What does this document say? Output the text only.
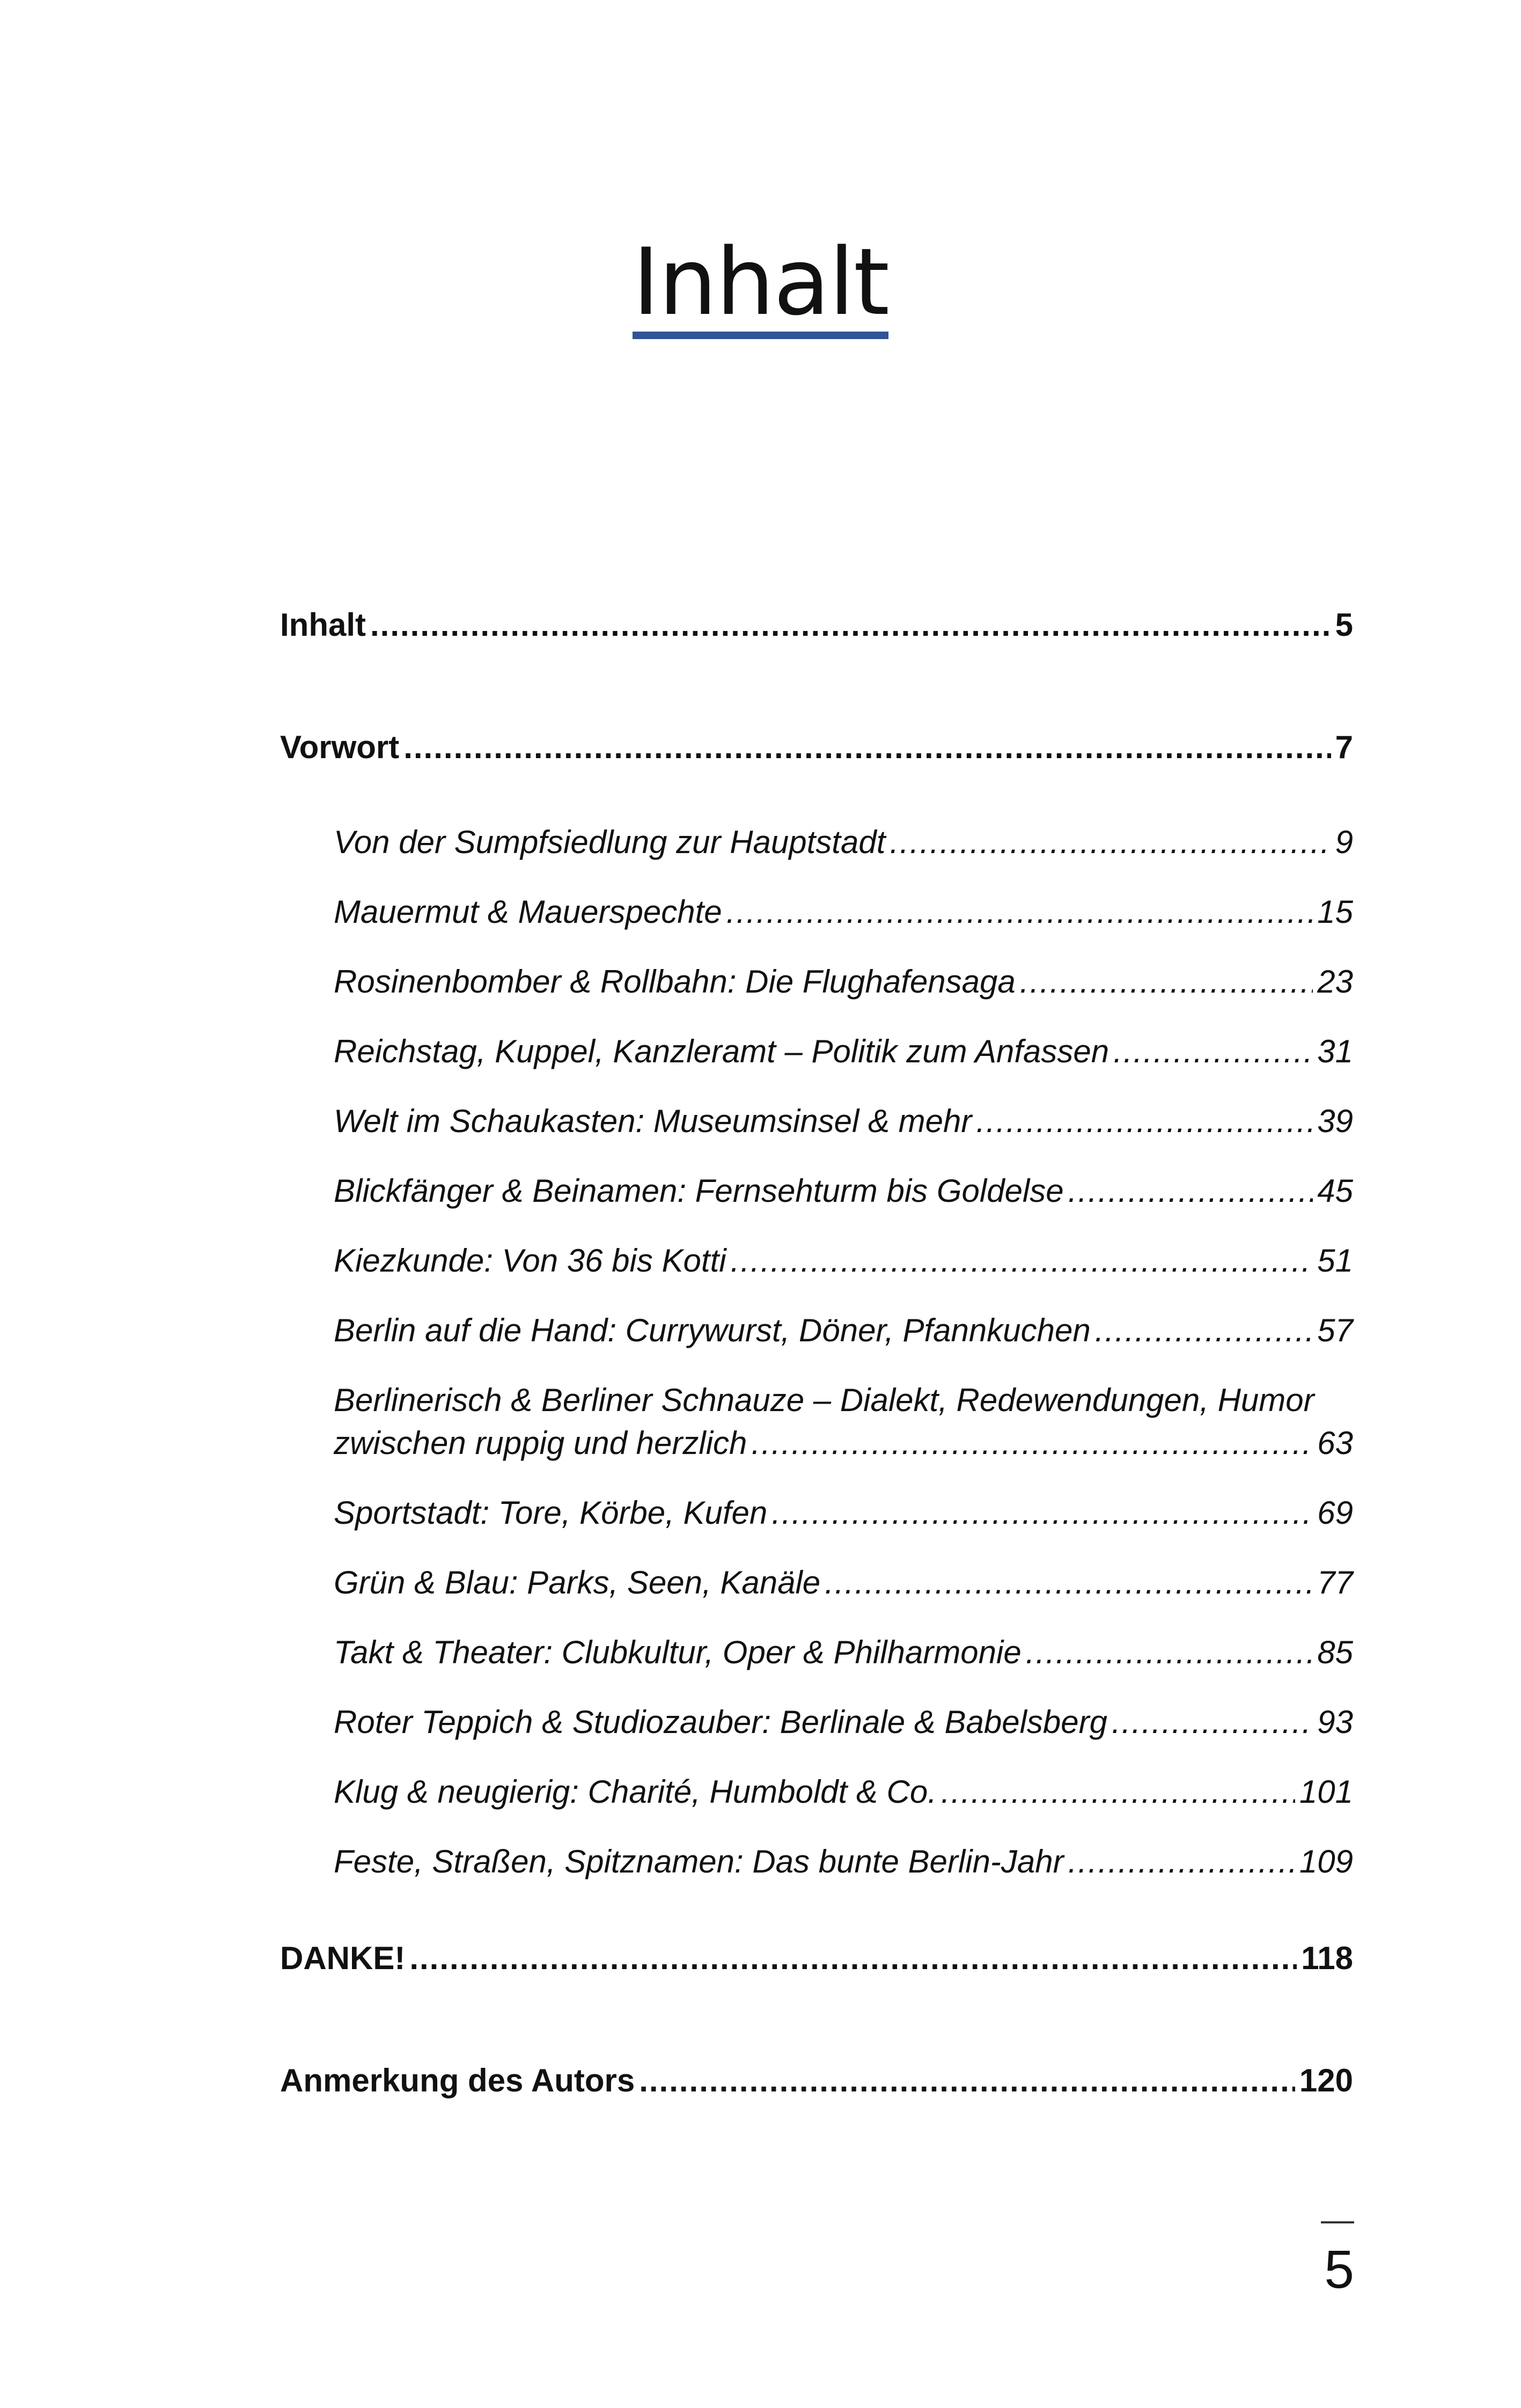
Inhalt
Inhalt .....	5
Vorwort .....	7
Von der Sumpfsiedlung zur Hauptstadt .....	9
Mauermut & Mauerspechte .....	15
Rosinenbomber & Rollbahn: Die Flughafensaga .....	23
Reichstag, Kuppel, Kanzleramt – Politik zum Anfassen .....	31
Welt im Schaukasten: Museumsinsel & mehr .....	39
Blickfänger & Beinamen: Fernsehturm bis Goldelse .....	45
Kiezkunde: Von 36 bis Kotti .....	51
Berlin auf die Hand: Currywurst, Döner, Pfannkuchen .....	57
Berlinerisch & Berliner Schnauze – Dialekt, Redewendungen, Humor
zwischen ruppig und herzlich .....	63
Sportstadt: Tore, Körbe, Kufen .....	69
Grün & Blau: Parks, Seen, Kanäle .....	77
Takt & Theater: Clubkultur, Oper & Philharmonie .....	85
Roter Teppich & Studiozauber: Berlinale & Babelsberg .....	93
Klug & neugierig: Charité, Humboldt & Co. .....	101
Feste, Straßen, Spitznamen: Das bunte Berlin-Jahr .....	109
DANKE! .....	118
Anmerkung des Autors .....	120
5
